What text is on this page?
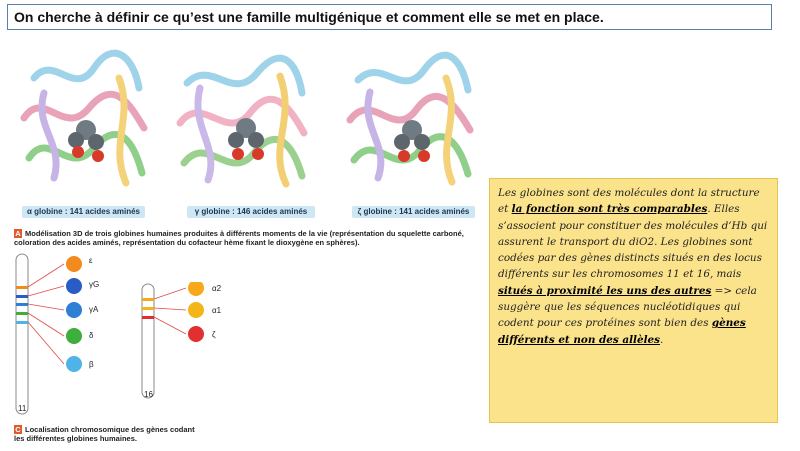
On cherche à définir ce qu’est une famille multigénique et comment elle se met en place.
α globine : 141 acides aminés	γ globine : 146 acides aminés	ζ globine : 141 acides aminés
A Modélisation 3D de trois globines humaines produites à différents moments de la vie (représentation du squelette carboné,
coloration des acides aminés, représentation du cofacteur hème fixant le dioxygène en sphères).
ε
γG
γA
δ
β
11
α2
α1
ζ
16
C Localisation chromosomique des gènes codant
les différentes globines humaines.
Les globines sont des molécules dont la structure et la fonction sont très comparables. Elles s’associent pour constituer des molécules d’Hb qui assurent le transport du diO2. Les globines sont codées par des gènes distincts situés en des locus différents sur les chromosomes 11 et 16, mais situés à proximité les uns des autres => cela suggère que les séquences nucléotidiques qui codent pour ces protéines sont bien des gènes différents et non des allèles.
